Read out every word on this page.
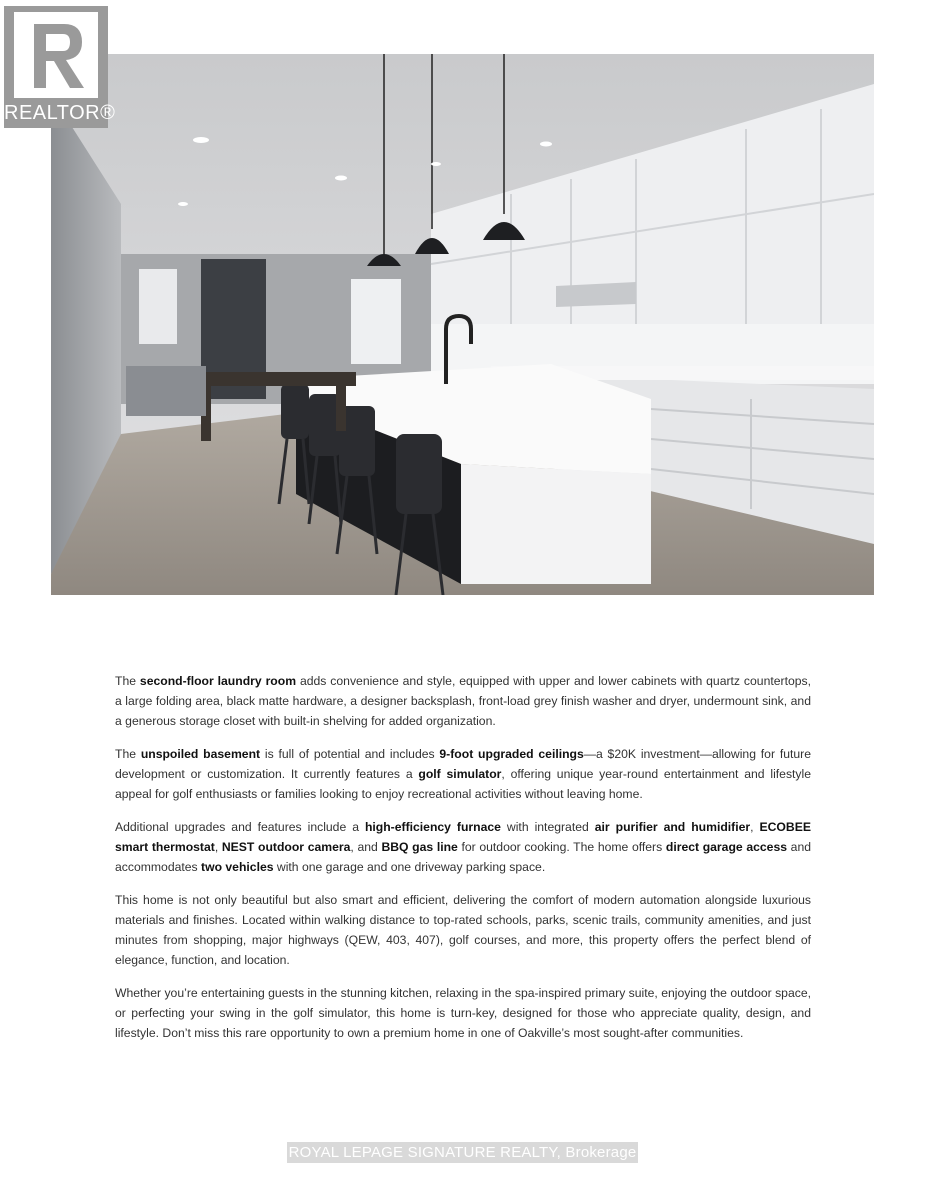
REALTOR®

The second-floor laundry room adds convenience and style, equipped with upper and lower cabinets with quartz countertops, a large folding area, black matte hardware, a designer backsplash, front-load grey finish washer and dryer, undermount sink, and a generous storage closet with built-in shelving for added organization.

The unspoiled basement is full of potential and includes 9-foot upgraded ceilings—a $20K investment—allowing for future development or customization. It currently features a golf simulator, offering unique year-round entertainment and lifestyle appeal for golf enthusiasts or families looking to enjoy recreational activities without leaving home.

Additional upgrades and features include a high-efficiency furnace with integrated air purifier and humidifier, ECOBEE smart thermostat, NEST outdoor camera, and BBQ gas line for outdoor cooking. The home offers direct garage access and accommodates two vehicles with one garage and one driveway parking space.

This home is not only beautiful but also smart and efficient, delivering the comfort of modern automation alongside luxurious materials and finishes. Located within walking distance to top-rated schools, parks, scenic trails, community amenities, and just minutes from shopping, major highways (QEW, 403, 407), golf courses, and more, this property offers the perfect blend of elegance, function, and location.

Whether you’re entertaining guests in the stunning kitchen, relaxing in the spa-inspired primary suite, enjoying the outdoor space, or perfecting your swing in the golf simulator, this home is turn-key, designed for those who appreciate quality, design, and lifestyle. Don’t miss this rare opportunity to own a premium home in one of Oakville’s most sought-after communities.

ROYAL LEPAGE SIGNATURE REALTY, Brokerage
